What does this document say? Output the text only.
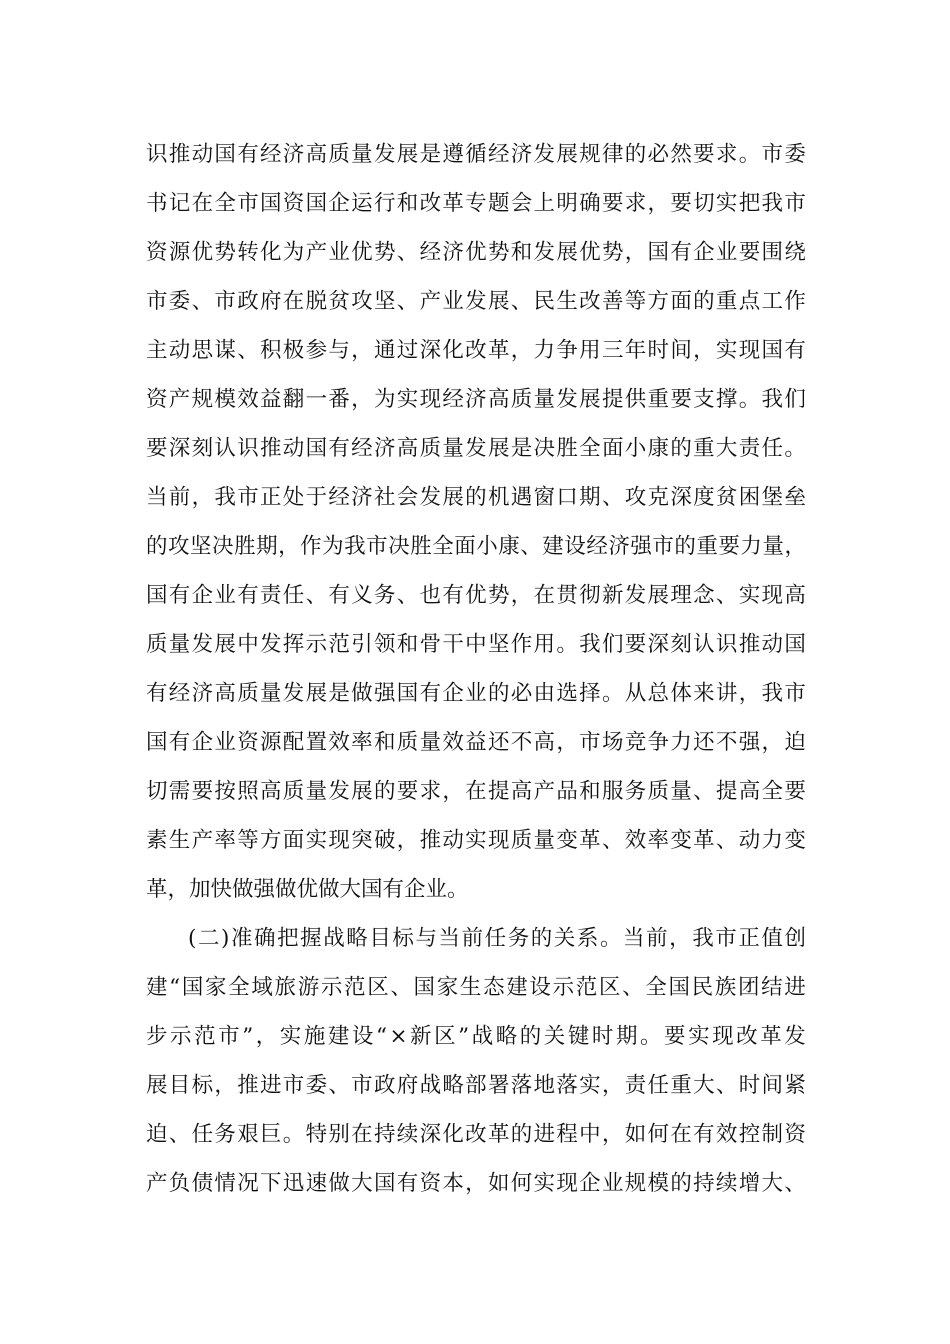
识 推 动 国 有 经 济 高 质 量 发 展 是 遵 循 经 济 发 展 规 律 的 必 然 要 求 。 市 委
书 记 在 全 市 国 资 国 企 运 行 和 改 革 专 题 会 上 明 确 要 求 ， 要 切 实 把 我 市
资 源 优 势 转 化 为 产 业 优 势 、 经 济 优 势 和 发 展 优 势 ， 国 有 企 业 要 围 绕
市 委 、 市 政 府 在 脱 贫 攻 坚 、 产 业 发 展 、 民 生 改 善 等 方 面 的 重 点 工 作
主 动 思 谋 、 积 极 参 与 ， 通 过 深 化 改 革 ， 力 争 用 三 年 时 间 ， 实 现 国 有
资 产 规 模 效 益 翻 一 番 ， 为 实 现 经 济 高 质 量 发 展 提 供 重 要 支 撑 。 我 们
要 深 刻 认 识 推 动 国 有 经 济 高 质 量 发 展 是 决 胜 全 面 小 康 的 重 大 责 任 。
当 前 ， 我 市 正 处 于 经 济 社 会 发 展 的 机 遇 窗 口 期 、 攻 克 深 度 贫 困 堡 垒
的 攻 坚 决 胜 期 ， 作 为 我 市 决 胜 全 面 小 康 、 建 设 经 济 强 市 的 重 要 力 量 ，
国 有 企 业 有 责 任 、 有 义 务 、 也 有 优 势 ， 在 贯 彻 新 发 展 理 念 、 实 现 高
质 量 发 展 中 发 挥 示 范 引 领 和 骨 干 中 坚 作 用 。 我 们 要 深 刻 认 识 推 动 国
有 经 济 高 质 量 发 展 是 做 强 国 有 企 业 的 必 由 选 择 。 从 总 体 来 讲 ， 我 市
国 有 企 业 资 源 配 置 效 率 和 质 量 效 益 还 不 高 ， 市 场 竞 争 力 还 不 强 ， 迫
切 需 要 按 照 高 质 量 发 展 的 要 求 ， 在 提 高 产 品 和 服 务 质 量 、 提 高 全 要
素 生 产 率 等 方 面 实 现 突 破 ， 推 动 实 现 质 量 变 革 、 效 率 变 革 、 动 力 变
革，加快做强做优做大国有企业。
( 二 ) 准 确 把 握 战 略 目 标 与 当 前 任 务 的 关 系 。 当 前 ， 我 市 正 值 创
建 “ 国 家 全 域 旅 游 示 范 区 、 国 家 生 态 建 设 示 范 区 、 全 国 民 族 团 结 进
步 示 范 市 ” ， 实 施 建 设 “ × 新 区 ” 战 略 的 关 键 时 期 。 要 实 现 改 革 发
展 目 标 ， 推 进 市 委 、 市 政 府 战 略 部 署 落 地 落 实 ， 责 任 重 大 、 时 间 紧
迫 、 任 务 艰 巨 。 特 别 在 持 续 深 化 改 革 的 进 程 中 ， 如 何 在 有 效 控 制 资
产 负 债 情 况 下 迅 速 做 大 国 有 资 本 ， 如 何 实 现 企 业 规 模 的 持 续 增 大 、
